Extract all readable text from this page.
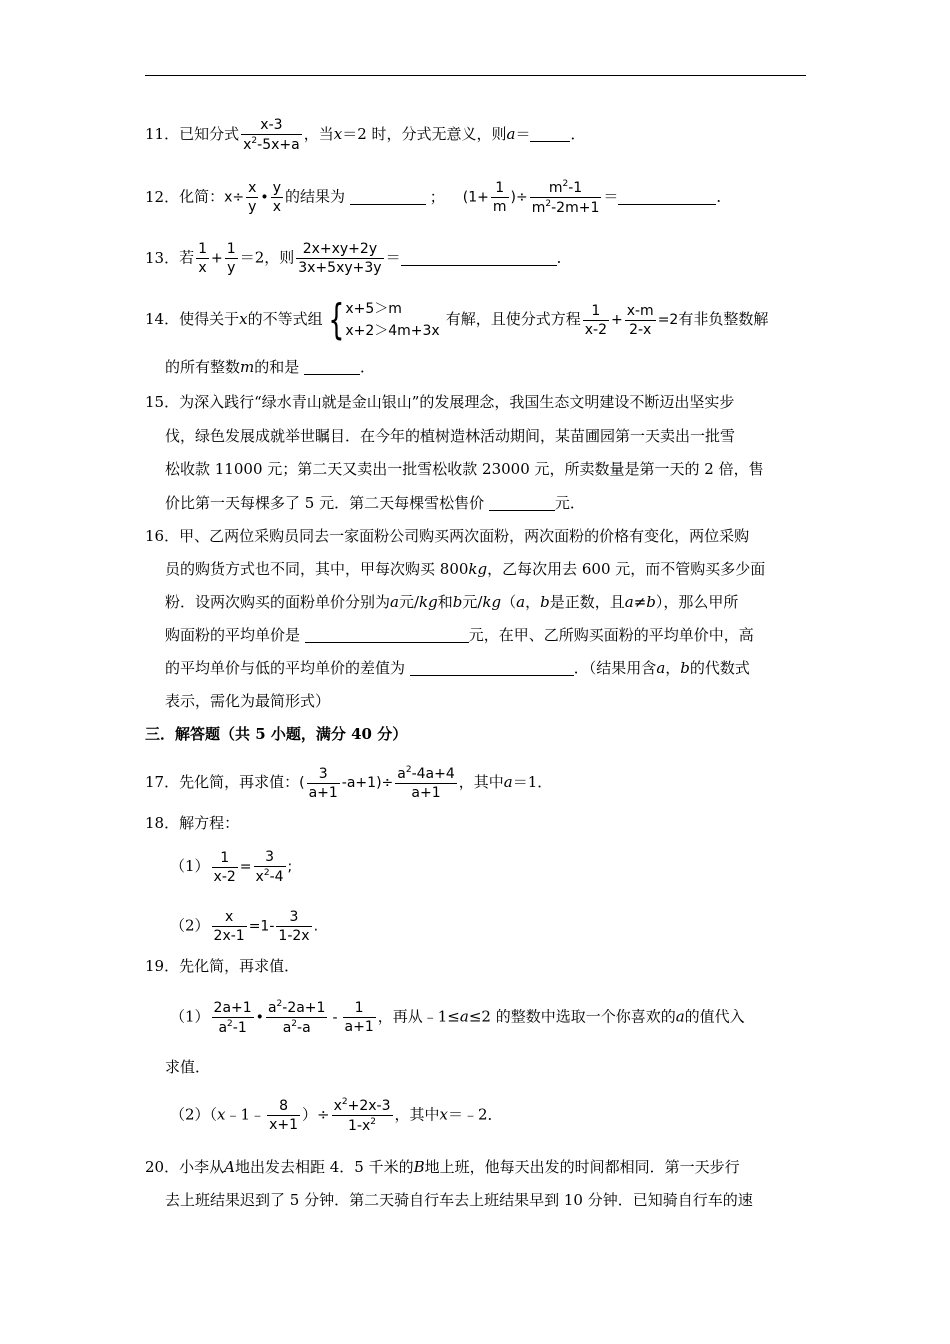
11．已知分式 $\frac{x-3}{x^2-5x+a}$ ，当x＝2 时，分式无意义，则a＝	．
12．化简：$x\div \frac{x}{y}$ • $\frac{y}{x}$ 的结果为	； ($1+ \frac{1}{m}$ )÷ $\frac{m^2-1}{m^2-2m+1}$ ＝	．
13．若 $\frac{1}{x} + \frac{1}{y} =2$，则 $\frac{2x+xy+2y}{3x+5xy+3y}$ ＝	．
14．使得关于x的不等式组 { x+5＞m
x+2＞4m+3x
有解，且使分式方程 $\frac{1}{x-2} + \frac{x-m}{2-x} =2$有非负整数解
的所有整数m的和是	．
15．为深入践行“绿水青山就是金山银山”的发展理念，我国生态文明建设不断迈出坚实步
伐，绿色发展成就举世瞩目．在今年的植树造林活动期间，某苗圃园第一天卖出一批雪
松收款 11000 元；第二天又卖出一批雪松收款 23000 元，所卖数量是第一天的 2 倍，售
价比第一天每棵多了 5 元．第二天每棵雪松售价	元．
16．甲、乙两位采购员同去一家面粉公司购买两次面粉，两次面粉的价格有变化，两位采购
员的购货方式也不同，其中，甲每次购买 800kg，乙每次用去 600 元，而不管购买多少面
粉．设两次购买的面粉单价分别为a元/kg和b元/kg（a，b是正数，且a≠b），那么甲所
购面粉的平均单价是	元，在甲、乙所购买面粉的平均单价中，高
的平均单价与低的平均单价的差值为	．（结果用含a，b的代数式
表示，需化为最简形式）
三．解答题（共 5 小题，满分 40 分）
17．先化简，再求值：( $\frac{3}{a+1} -a+1)\div \frac{a^2-4a+4}{a+1}$ ，其中a＝1．
18．解方程：
$(1) \frac{1}{x-2} = \frac{3}{x^2-4}$ ;
$(2) \frac{x}{2x-1} =1- \frac{3}{1-2x}$ .
19．先化简，再求值．
$(1) \frac{2a+1}{a^2-1}$ • $\frac{a^2-2a+1}{a^2-a} - \frac{1}{a+1}$ ，再从﹣1≤a≤2 的整数中选取一个你喜欢的a的值代入
求值．
（2）（x﹣1﹣ $\frac{8}{x+1}$ ）÷ $\frac{x^2+2x-3}{1-x^2}$ ，其中x＝﹣2．
20．小李从A地出发去相距 4．5 千米的B地上班，他每天出发的时间都相同．第一天步行
去上班结果迟到了 5 分钟．第二天骑自行车去上班结果早到 10 分钟．已知骑自行车的速
